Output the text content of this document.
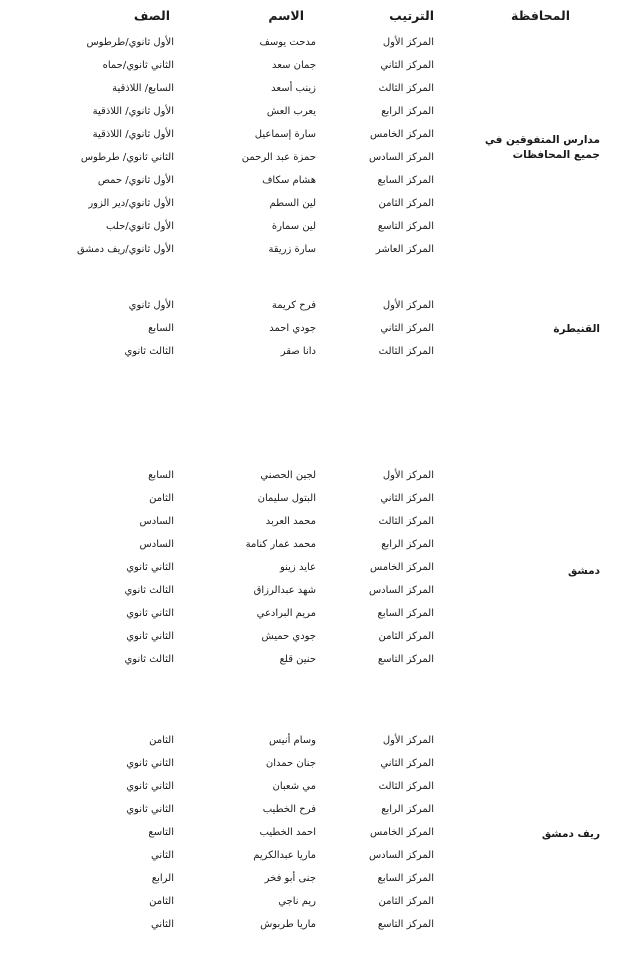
المحافظة
الترتيب
الاسم
الصف
مدارس المتفوقين في
جميع المحافظات
المركز الأول
مدحت يوسف
الأول ثانوي/طرطوس
المركز الثاني
جمان سعد
الثاني ثانوي/حماه
المركز الثالث
زينب أسعد
السابع/ اللاذقية
المركز الرابع
يعرب العش
الأول ثانوي/ اللاذقية
المركز الخامس
سارة إسماعيل
الأول ثانوي/ اللاذقية
المركز السادس
حمزة عبد الرحمن
الثاني ثانوي/ طرطوس
المركز السابع
هشام سكاف
الأول ثانوي/ حمص
المركز الثامن
لين السطم
الأول ثانوي/دير الزور
المركز التاسع
لين سمارة
الأول ثانوي/حلب
المركز العاشر
سارة زريقة
الأول ثانوي/ريف دمشق
القنيطرة
المركز الأول
فرح كريمة
الأول ثانوي
المركز الثاني
جودي احمد
السابع
المركز الثالث
دانا صقر
الثالث ثانوي
دمشق
المركز الأول
لجين الحصني
السابع
المركز الثاني
البتول سليمان
الثامن
المركز الثالث
محمد العربد
السادس
المركز الرابع
محمد عمار كنامة
السادس
المركز الخامس
عايد زينو
الثاني ثانوي
المركز السادس
شهد عبدالرزاق
الثالث ثانوي
المركز السابع
مريم البرادعي
الثاني ثانوي
المركز الثامن
جودي حميش
الثاني ثانوي
المركز التاسع
حنين قلع
الثالث ثانوي
ريف دمشق
المركز الأول
وسام أنيس
الثامن
المركز الثاني
جنان حمدان
الثاني ثانوي
المركز الثالث
مي شعبان
الثاني ثانوي
المركز الرابع
فرح الخطيب
الثاني ثانوي
المركز الخامس
احمد الخطيب
التاسع
المركز السادس
ماريا عبدالكريم
الثاني
المركز السابع
جنى أبو فخر
الرابع
المركز الثامن
ريم ناجي
الثامن
المركز التاسع
ماريا طربوش
الثاني
